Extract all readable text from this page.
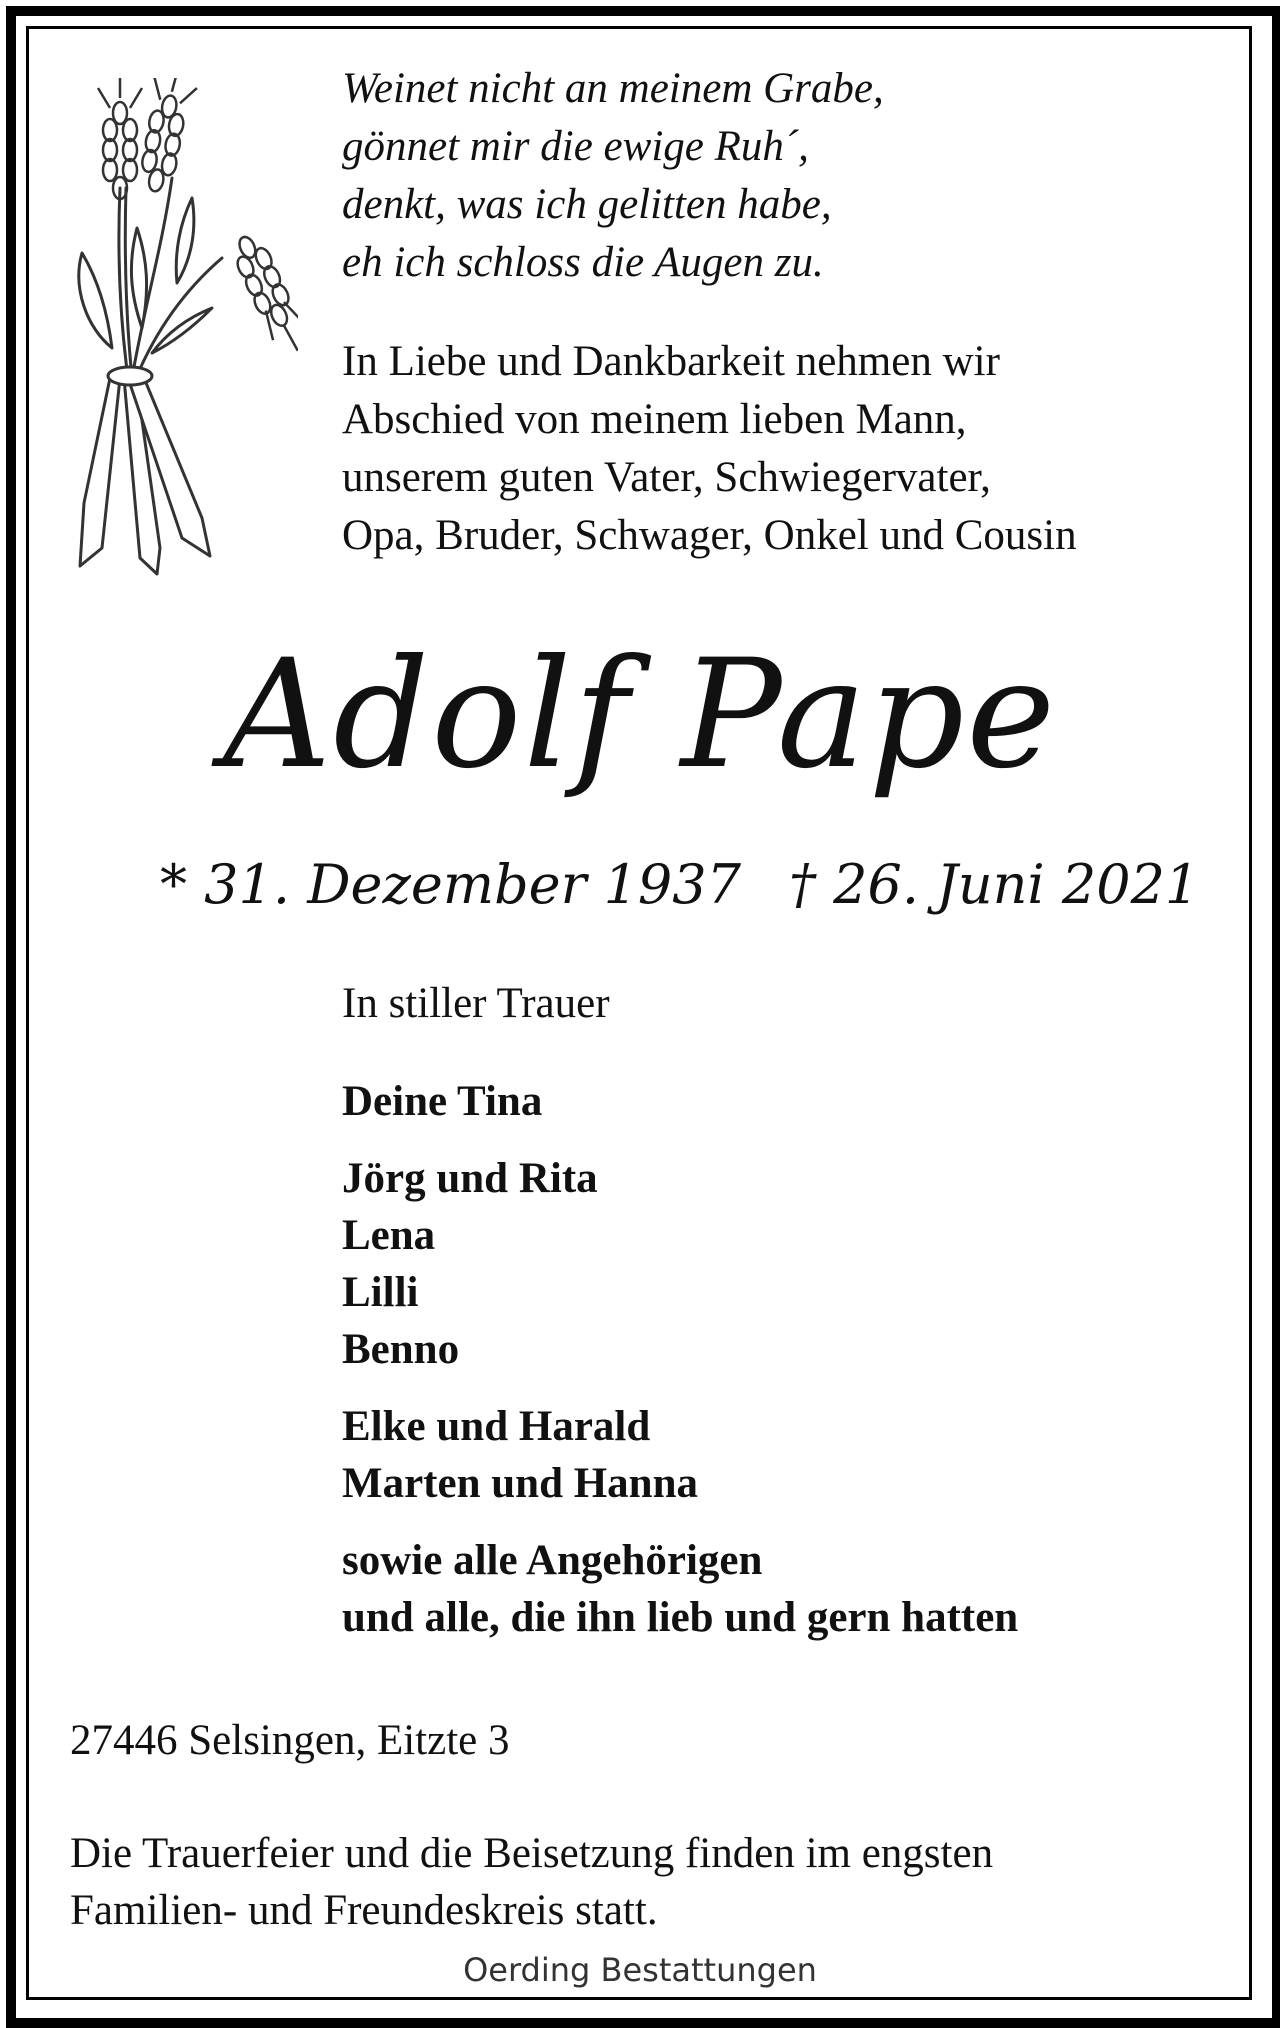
Weinet nicht an meinem Grabe,
gönnet mir die ewige Ruh´,
denkt, was ich gelitten habe,
eh ich schloss die Augen zu.
In Liebe und Dankbarkeit nehmen wir
Abschied von meinem lieben Mann,
unserem guten Vater, Schwiegervater,
Opa, Bruder, Schwager, Onkel und Cousin
Adolf Pape
* 31. Dezember 1937 † 26. Juni 2021
In stiller Trauer
Deine Tina
Jörg und Rita
Lena
Lilli
Benno
Elke und Harald
Marten und Hanna
sowie alle Angehörigen
und alle, die ihn lieb und gern hatten
27446 Selsingen, Eitzte 3
Die Trauerfeier und die Beisetzung finden im engsten
Familien- und Freundeskreis statt.
Oerding Bestattungen
